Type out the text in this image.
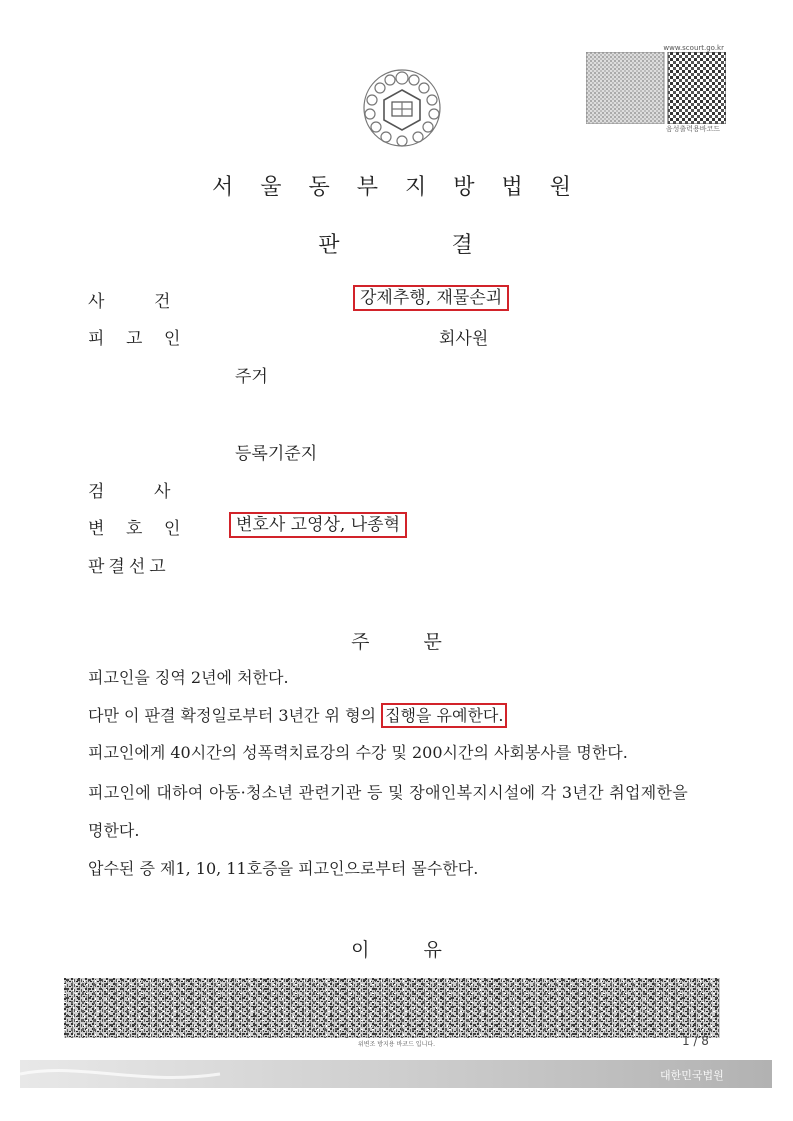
www.scourt.go.kr
음성출력용바코드
서 울 동 부 지 방 법 원
판	결
사	건	강제추행, 재물손괴
피 고 인	회사원
주거
등록기준지
검	사
변 호 인	변호사 고영상, 나종혁
판결선고
주	문
피고인을 징역 2년에 처한다.
다만 이 판결 확정일로부터 3년간 위 형의 집행을 유예한다.
피고인에게 40시간의 성폭력치료강의 수강 및 200시간의 사회봉사를 명한다.
피고인에 대하여 아동·청소년 관련기관 등 및 장애인복지시설에 각 3년간 취업제한을
명한다.
압수된 증 제1, 10, 11호증을 피고인으로부터 몰수한다.
이	유
위변조 방지용 바코드 입니다.	1 / 8
대한민국법원
